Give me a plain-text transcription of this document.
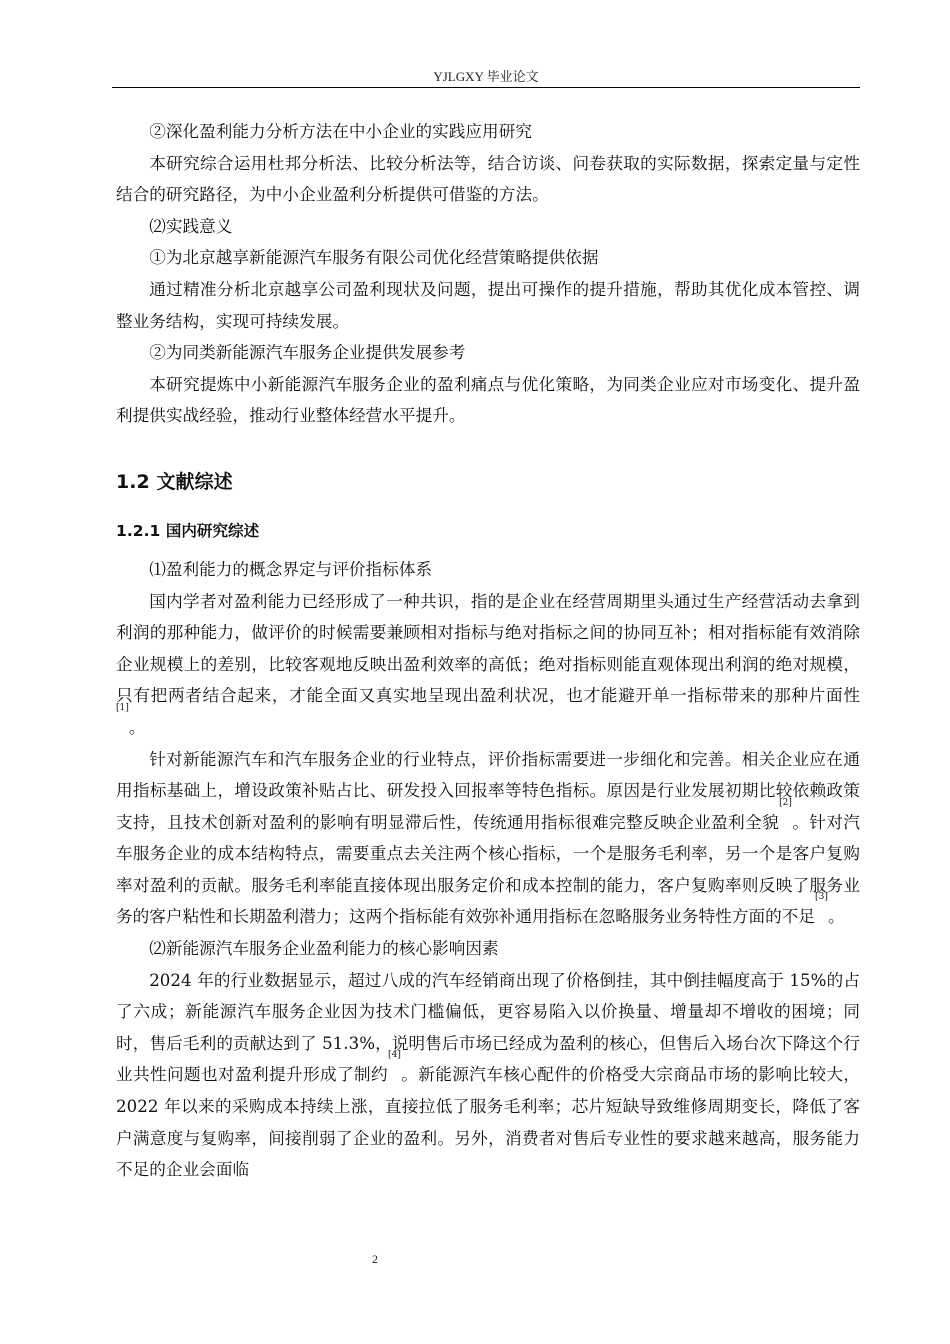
YJLGXY 毕业论文

②深化盈利能力分析方法在中小企业的实践应用研究

本研究综合运用杜邦分析法、比较分析法等，结合访谈、问卷获取的实际数据，探索定量与定性结合的研究路径，为中小企业盈利分析提供可借鉴的方法。

⑵实践意义

①为北京越享新能源汽车服务有限公司优化经营策略提供依据

通过精准分析北京越享公司盈利现状及问题，提出可操作的提升措施，帮助其优化成本管控、调整业务结构，实现可持续发展。

②为同类新能源汽车服务企业提供发展参考

本研究提炼中小新能源汽车服务企业的盈利痛点与优化策略，为同类企业应对市场变化、提升盈利提供实战经验，推动行业整体经营水平提升。

1.2 文献综述
1.2.1 国内研究综述

⑴盈利能力的概念界定与评价指标体系

国内学者对盈利能力已经形成了一种共识，指的是企业在经营周期里头通过生产经营活动去拿到利润的那种能力，做评价的时候需要兼顾相对指标与绝对指标之间的协同互补；相对指标能有效消除企业规模上的差别，比较客观地反映出盈利效率的高低；绝对指标则能直观体现出利润的绝对规模，只有把两者结合起来，才能全面又真实地呈现出盈利状况，也才能避开单一指标带来的那种片面性[1]。

针对新能源汽车和汽车服务企业的行业特点，评价指标需要进一步细化和完善。相关企业应在通用指标基础上，增设政策补贴占比、研发投入回报率等特色指标。原因是行业发展初期比较依赖政策支持，且技术创新对盈利的影响有明显滞后性，传统通用指标很难完整反映企业盈利全貌[2]。针对汽车服务企业的成本结构特点，需要重点去关注两个核心指标，一个是服务毛利率，另一个是客户复购率对盈利的贡献。服务毛利率能直接体现出服务定价和成本控制的能力，客户复购率则反映了服务业务的客户粘性和长期盈利潜力；这两个指标能有效弥补通用指标在忽略服务业务特性方面的不足[3]。

⑵新能源汽车服务企业盈利能力的核心影响因素

2024 年的行业数据显示，超过八成的汽车经销商出现了价格倒挂，其中倒挂幅度高于 15%的占了六成；新能源汽车服务企业因为技术门槛偏低，更容易陷入以价换量、增量却不增收的困境；同时，售后毛利的贡献达到了 51.3%，说明售后市场已经成为盈利的核心，但售后入场台次下降这个行业共性问题也对盈利提升形成了制约[4]。新能源汽车核心配件的价格受大宗商品市场的影响比较大，2022 年以来的采购成本持续上涨，直接拉低了服务毛利率；芯片短缺导致维修周期变长，降低了客户满意度与复购率，间接削弱了企业的盈利。另外，消费者对售后专业性的要求越来越高，服务能力不足的企业会面临

2
